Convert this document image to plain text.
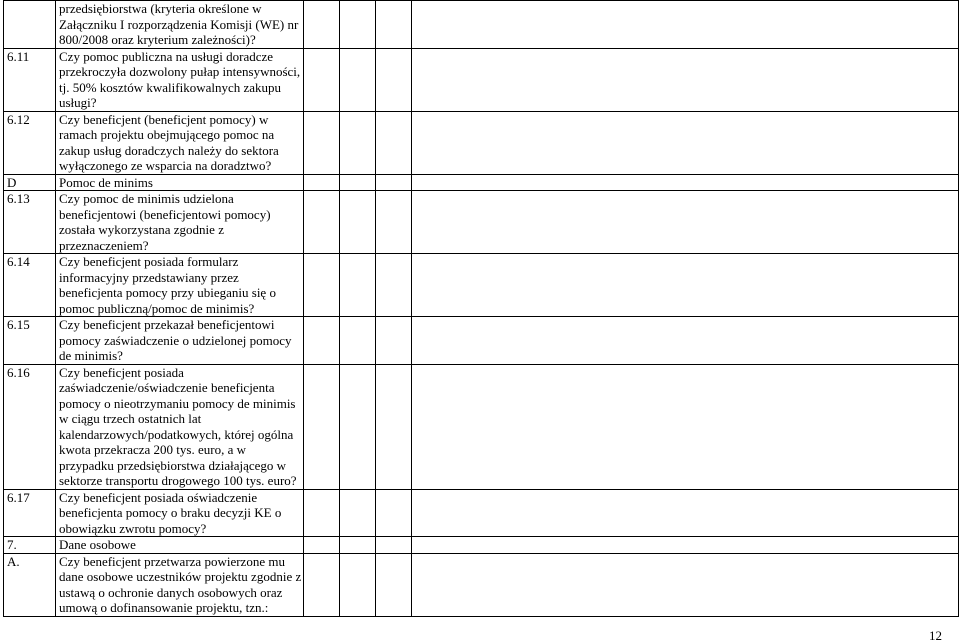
	przedsiębiorstwa (kryteria określone w Załączniku I rozporządzenia Komisji (WE) nr 800/2008 oraz kryterium zależności)?				
6.11	Czy pomoc publiczna na usługi doradcze przekroczyła dozwolony pułap intensywności, tj. 50% kosztów kwalifikowalnych zakupu usługi?				
6.12	Czy beneficjent (beneficjent pomocy) w ramach projektu obejmującego pomoc na zakup usług doradczych należy do sektora wyłączonego ze wsparcia na doradztwo?				
D	Pomoc de minims				
6.13	Czy pomoc de minimis udzielona beneficjentowi (beneficjentowi pomocy) została wykorzystana zgodnie z przeznaczeniem?				
6.14	Czy beneficjent posiada formularz informacyjny przedstawiany przez beneficjenta pomocy przy ubieganiu się o pomoc publiczną/pomoc de minimis?				
6.15	Czy beneficjent przekazał beneficjentowi pomocy zaświadczenie o udzielonej pomocy de minimis?				
6.16	Czy beneficjent posiada zaświadczenie/oświadczenie beneficjenta pomocy o nieotrzymaniu pomocy de minimis w ciągu trzech ostatnich lat kalendarzowych/podatkowych, której ogólna kwota przekracza 200 tys. euro, a w przypadku przedsiębiorstwa działającego w sektorze transportu drogowego 100 tys. euro?				
6.17	Czy beneficjent posiada oświadczenie beneficjenta pomocy o braku decyzji KE o obowiązku zwrotu pomocy?				
7.	Dane osobowe				
A.	Czy beneficjent przetwarza powierzone mu dane osobowe uczestników projektu zgodnie z ustawą o ochronie danych osobowych oraz umową o dofinansowanie projektu, tzn.:				
12
